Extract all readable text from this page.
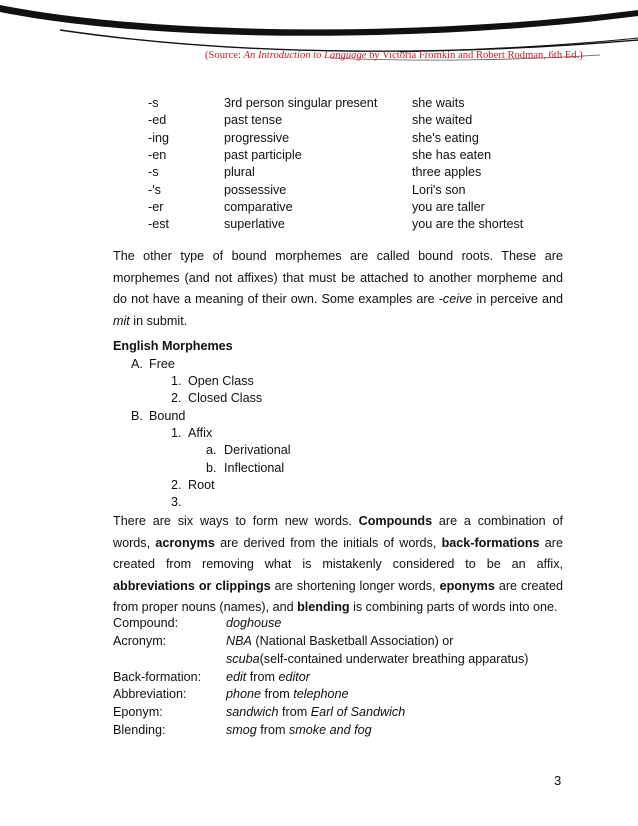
(Source: An Introduction to Language by Victoria Fromkin and Robert Rodman, 6th Ed.)
-s	3rd person singular present	she waits
-ed	past tense	she waited
-ing	progressive	she's eating
-en	past participle	she has eaten
-s	plural	three apples
-'s	possessive	Lori's son
-er	comparative	you are taller
-est	superlative	you are the shortest
The other type of bound morphemes are called bound roots. These are morphemes (and not affixes) that must be attached to another morpheme and do not have a meaning of their own. Some examples are -ceive in perceive and mit in submit.
English Morphemes
A. Free
1. Open Class
2. Closed Class
B. Bound
1. Affix
a. Derivational
b. Inflectional
2. Root
3.
There are six ways to form new words. Compounds are a combination of words, acronyms are derived from the initials of words, back-formations are created from removing what is mistakenly considered to be an affix, abbreviations or clippings are shortening longer words, eponyms are created from proper nouns (names), and blending is combining parts of words into one.
Compound:	doghouse
Acronym:	NBA (National Basketball Association) or
scuba(self-contained underwater breathing apparatus)
Back-formation: edit from editor
Abbreviation:	phone from telephone
Eponym:	sandwich from Earl of Sandwich
Blending:	smog from smoke and fog
3
